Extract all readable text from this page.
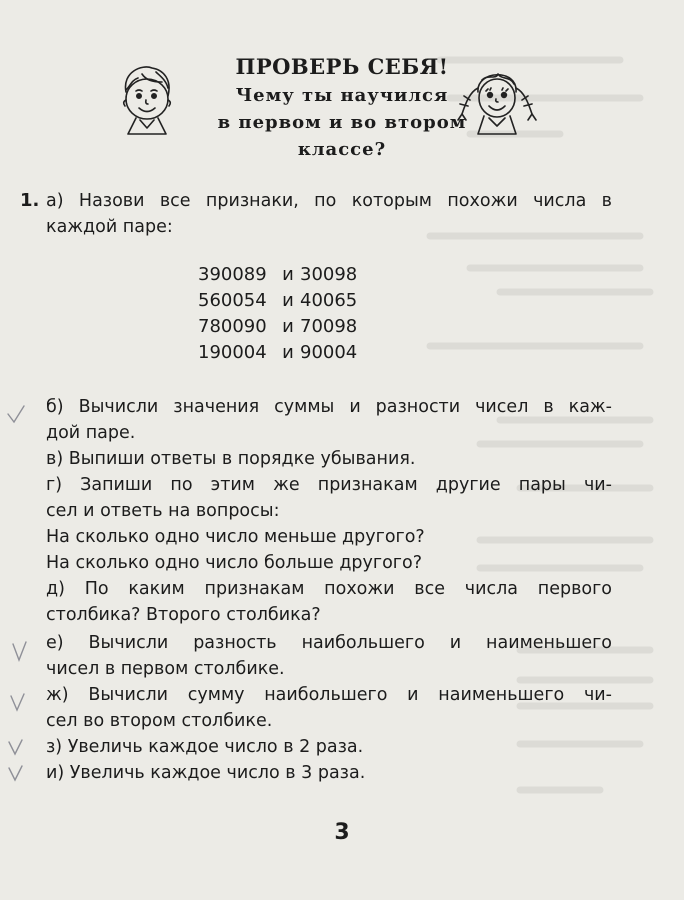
ПРОВЕРЬ СЕБЯ!

Чему ты научился

в первом и во втором

классе?

1. а) Назови все признаки, по которым похожи числа в

каждой паре:

390089 и 30098
560054 и 40065
780090 и 70098
190004 и 90004

б) Вычисли значения суммы и разности чисел в каж-

дой паре.

в) Выпиши ответы в порядке убывания.

г) Запиши по этим же признакам другие пары чи-

сел и ответь на вопросы:

На сколько одно число меньше другого?

На сколько одно число больше другого?

д) По каким признакам похожи все числа первого

столбика? Второго столбика?

е) Вычисли разность наибольшего и наименьшего

чисел в первом столбике.

ж) Вычисли сумму наибольшего и наименьшего чи-

сел во втором столбике.

з) Увеличь каждое число в 2 раза.

и) Увеличь каждое число в 3 раза.

3
